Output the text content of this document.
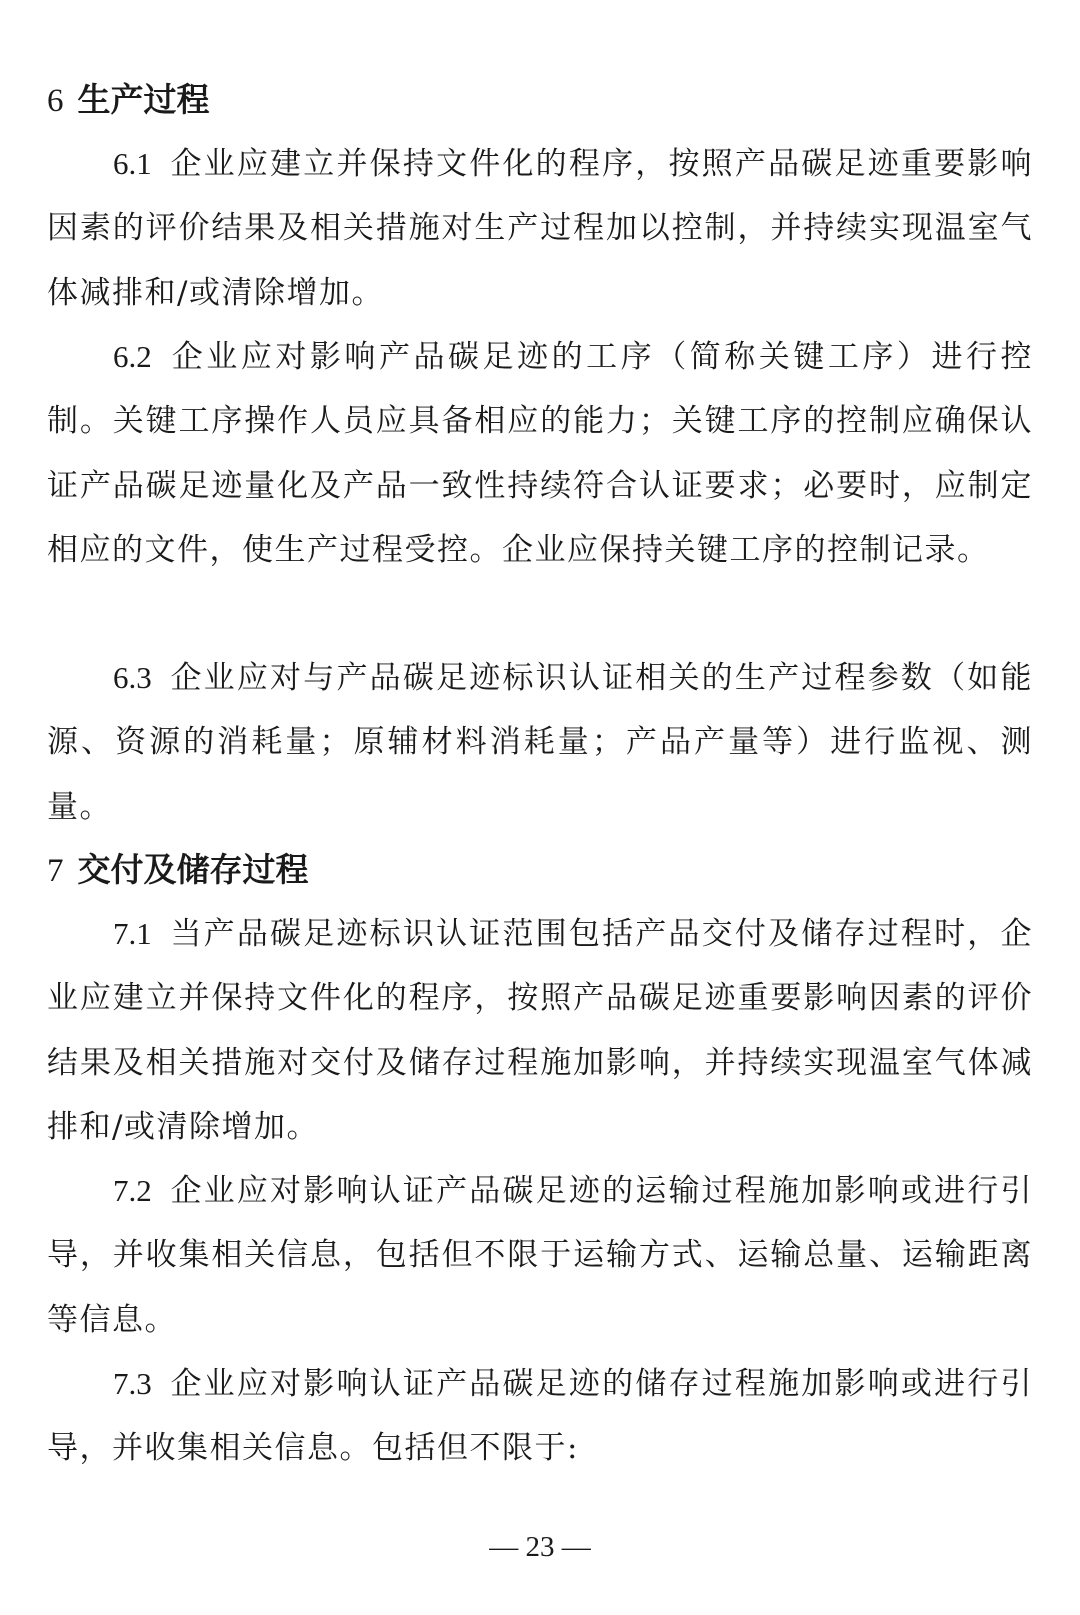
6 生产过程

6.1 企业应建立并保持文件化的程序，按照产品碳足迹重要影响因素的评价结果及相关措施对生产过程加以控制，并持续实现温室气体减排和/或清除增加。

6.2 企业应对影响产品碳足迹的工序（简称关键工序）进行控制。关键工序操作人员应具备相应的能力；关键工序的控制应确保认证产品碳足迹量化及产品一致性持续符合认证要求；必要时，应制定相应的文件，使生产过程受控。企业应保持关键工序的控制记录。

6.3 企业应对与产品碳足迹标识认证相关的生产过程参数（如能源、资源的消耗量；原辅材料消耗量；产品产量等）进行监视、测量。

7 交付及储存过程

7.1 当产品碳足迹标识认证范围包括产品交付及储存过程时，企业应建立并保持文件化的程序，按照产品碳足迹重要影响因素的评价结果及相关措施对交付及储存过程施加影响，并持续实现温室气体减排和/或清除增加。

7.2 企业应对影响认证产品碳足迹的运输过程施加影响或进行引导，并收集相关信息，包括但不限于运输方式、运输总量、运输距离等信息。

7.3 企业应对影响认证产品碳足迹的储存过程施加影响或进行引导，并收集相关信息。包括但不限于:

— 23 —
